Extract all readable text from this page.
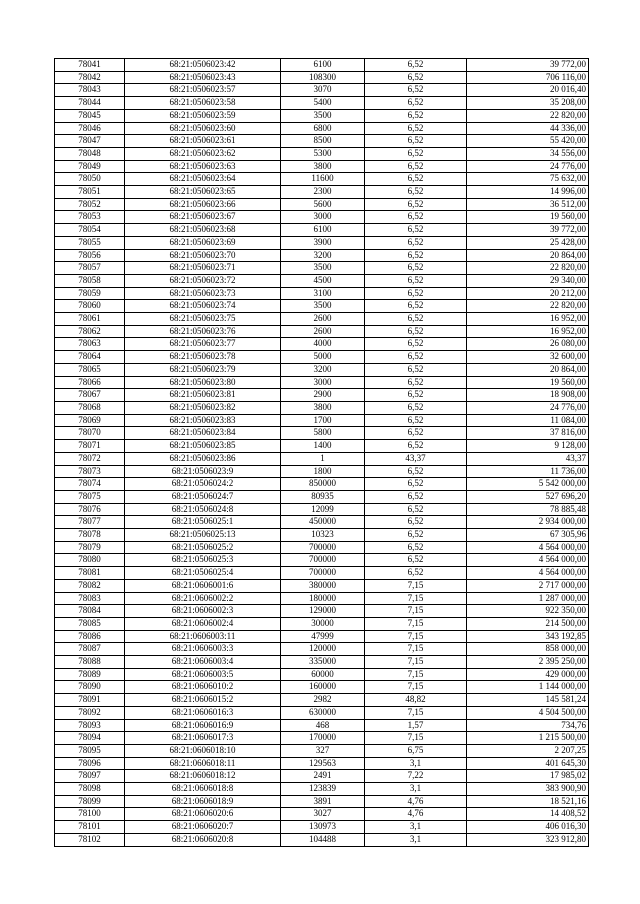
78041	68:21:0506023:42	6100	6,52	39 772,00
78042	68:21:0506023:43	108300	6,52	706 116,00
78043	68:21:0506023:57	3070	6,52	20 016,40
78044	68:21:0506023:58	5400	6,52	35 208,00
78045	68:21:0506023:59	3500	6,52	22 820,00
78046	68:21:0506023:60	6800	6,52	44 336,00
78047	68:21:0506023:61	8500	6,52	55 420,00
78048	68:21:0506023:62	5300	6,52	34 556,00
78049	68:21:0506023:63	3800	6,52	24 776,00
78050	68:21:0506023:64	11600	6,52	75 632,00
78051	68:21:0506023:65	2300	6,52	14 996,00
78052	68:21:0506023:66	5600	6,52	36 512,00
78053	68:21:0506023:67	3000	6,52	19 560,00
78054	68:21:0506023:68	6100	6,52	39 772,00
78055	68:21:0506023:69	3900	6,52	25 428,00
78056	68:21:0506023:70	3200	6,52	20 864,00
78057	68:21:0506023:71	3500	6,52	22 820,00
78058	68:21:0506023:72	4500	6,52	29 340,00
78059	68:21:0506023:73	3100	6,52	20 212,00
78060	68:21:0506023:74	3500	6,52	22 820,00
78061	68:21:0506023:75	2600	6,52	16 952,00
78062	68:21:0506023:76	2600	6,52	16 952,00
78063	68:21:0506023:77	4000	6,52	26 080,00
78064	68:21:0506023:78	5000	6,52	32 600,00
78065	68:21:0506023:79	3200	6,52	20 864,00
78066	68:21:0506023:80	3000	6,52	19 560,00
78067	68:21:0506023:81	2900	6,52	18 908,00
78068	68:21:0506023:82	3800	6,52	24 776,00
78069	68:21:0506023:83	1700	6,52	11 084,00
78070	68:21:0506023:84	5800	6,52	37 816,00
78071	68:21:0506023:85	1400	6,52	9 128,00
78072	68:21:0506023:86	1	43,37	43,37
78073	68:21:0506023:9	1800	6,52	11 736,00
78074	68:21:0506024:2	850000	6,52	5 542 000,00
78075	68:21:0506024:7	80935	6,52	527 696,20
78076	68:21:0506024:8	12099	6,52	78 885,48
78077	68:21:0506025:1	450000	6,52	2 934 000,00
78078	68:21:0506025:13	10323	6,52	67 305,96
78079	68:21:0506025:2	700000	6,52	4 564 000,00
78080	68:21:0506025:3	700000	6,52	4 564 000,00
78081	68:21:0506025:4	700000	6,52	4 564 000,00
78082	68:21:0606001:6	380000	7,15	2 717 000,00
78083	68:21:0606002:2	180000	7,15	1 287 000,00
78084	68:21:0606002:3	129000	7,15	922 350,00
78085	68:21:0606002:4	30000	7,15	214 500,00
78086	68:21:0606003:11	47999	7,15	343 192,85
78087	68:21:0606003:3	120000	7,15	858 000,00
78088	68:21:0606003:4	335000	7,15	2 395 250,00
78089	68:21:0606003:5	60000	7,15	429 000,00
78090	68:21:0606010:2	160000	7,15	1 144 000,00
78091	68:21:0606015:2	2982	48,82	145 581,24
78092	68:21:0606016:3	630000	7,15	4 504 500,00
78093	68:21:0606016:9	468	1,57	734,76
78094	68:21:0606017:3	170000	7,15	1 215 500,00
78095	68:21:0606018:10	327	6,75	2 207,25
78096	68:21:0606018:11	129563	3,1	401 645,30
78097	68:21:0606018:12	2491	7,22	17 985,02
78098	68:21:0606018:8	123839	3,1	383 900,90
78099	68:21:0606018:9	3891	4,76	18 521,16
78100	68:21:0606020:6	3027	4,76	14 408,52
78101	68:21:0606020:7	130973	3,1	406 016,30
78102	68:21:0606020:8	104488	3,1	323 912,80
